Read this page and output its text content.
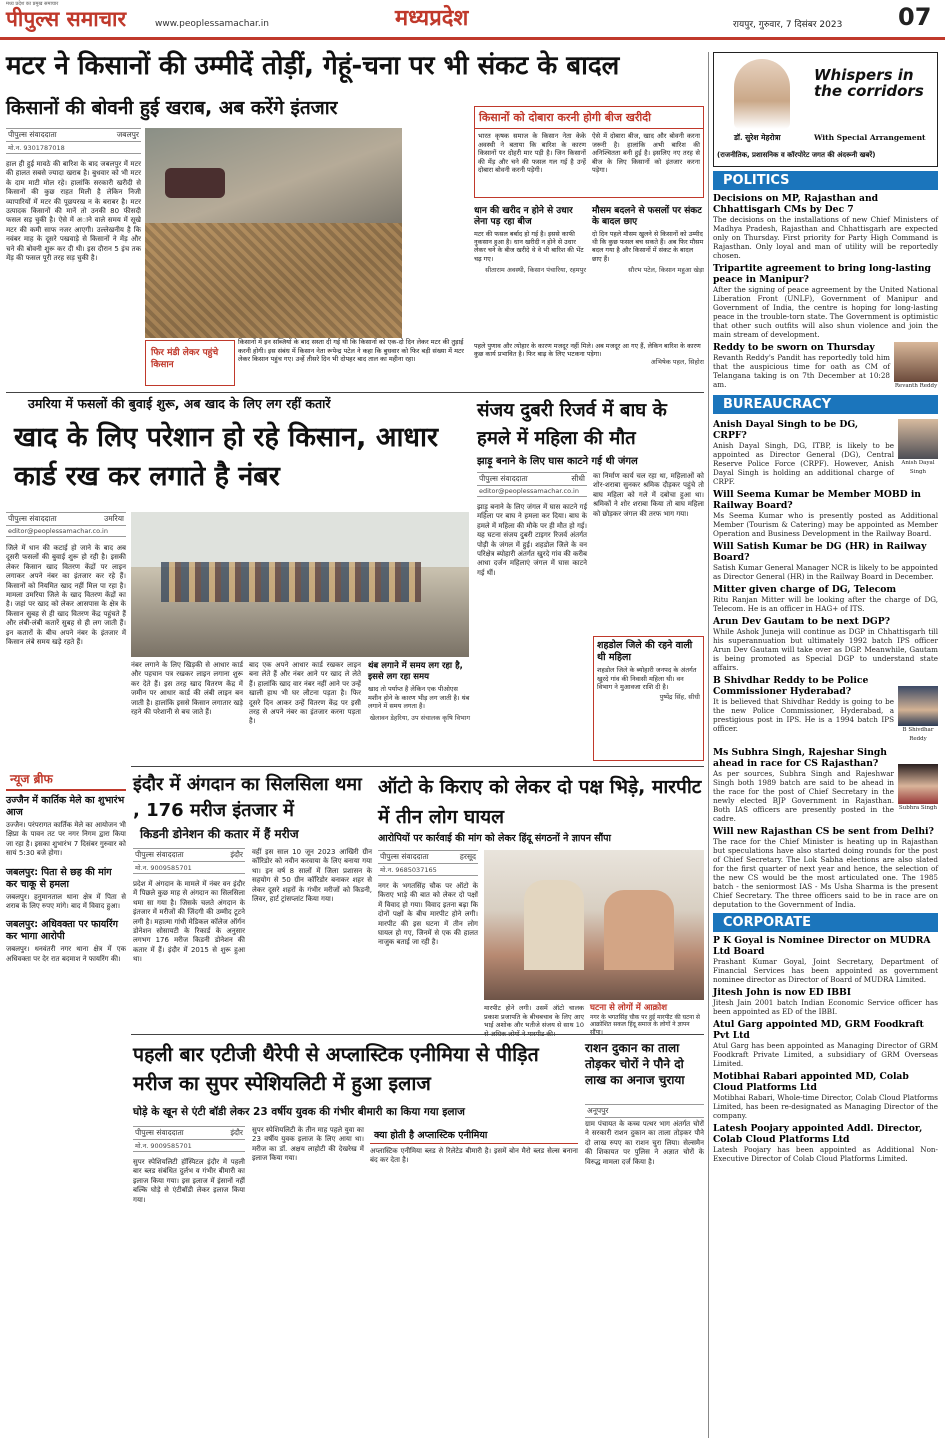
मध्य प्रदेश का प्रमुख समाचार
पीपुल्स समाचार	www.peoplessamachar.in	मध्यप्रदेश	रायपुर, गुरुवार, 7 दिसंबर 2023 07
मटर ने किसानों की उम्मीदें तोड़ीं, गेहूं-चना पर भी संकट के बादल
किसानों की बोवनी हुई खराब, अब करेंगे इंतजार
पीपुल्स संवाददाता	जबलपुर
मो.न. 9301787018
हाल ही हुई मावठे की बारिश के बाद जबलपुर में मटर की हालत सबसे ज्यादा खराब है। बुधवार को भी मटर के दाम माटी मोल रहे। हालांकि सरकारी खरीदी से किसानों की कुछ राहत मिली है लेकिन निजी व्यापारियों में मटर की पूछपरख न के बराबर है। मटर उत्पादक किसानों की मानें तो उनकी 80 फीसदी फसल सड़ चुकी है। ऐसे में अाने वाले समय में सूखे मटर की कमी साफ नजर आएगी। उल्लेखनीय है कि नवंबर माह के दूसरे पखवाड़े से किसानों ने मेंड़ और चने की बोवनी शुरू कर दी थी। इस दौरान 5 इंच तक मेंड़ की फसल पूरी तरह सड़ चुकी है।
फिर मंडी लेकर पहुंचे किसान
किसानों में इन सब्जियों के बाद सस्ता दी गई थी कि किसानों को एक-दो दिन लेकर मटर की तुड़ाई करनी होगी। इस संबंध में किसान नेता रूपेन्द्र पटेल ने कहा कि बुधवार को फिर बड़ी संख्या में मटर लेकर किसान पहुंच गए। उन्हें तीसरे दिन भी दोपहर बाद ताल का महीना रहा।
किसानों को दोबारा करनी होगी बीज खरीदी
भारत कृषक समाज के किसान नेता केके अवस्थी ने बताया कि बारिश के कारण किसानों पर दोहरी मार पड़ी है। जिन किसानों की मेंड़ और चने की फसल गल गई है उन्हें दोबारा बोवनी करनी पड़ेगी।
ऐसे में दोबारा बीज, खाद और बोवनी करना जरूरी है। हालांकि अभी बारिश की अनिश्चितता बनी हुई है। इसलिए नए तरह से बीज के लिए किसानों को इंतजार करना पड़ेगा।
धान की खरीद न होने से उधार लेना पड़ रहा बीज
मटर की फसल बर्बाद हो गई है। इससे काफी नुकसान हुआ है। धान खरीदी न होने से उधार लेकर चने के बीज खरीदे थे वे भी बारिश की भेंट चढ़ गए।
सीताराम अवस्थी, किसान पंचारिया, रहमपुर
मौसम बदलने से फसलों पर संकट के बादल छाए
दो दिन पहले मौसम खुलने से किसानों को उम्मीद थी कि कुछ फसल बच सकते हैं। अब फिर मौसम बदल गया है और किसानों में संकट के बादल छाए हैं।
सौरभ पटेल, किसान महुआ खेड़ा
पहले पुणाव और त्योहार के कारण मजदूर नहीं मिले। अब मजदूर आ गए हैं, लेकिन बारिश के कारण कुछ कार्य प्रभावित है। फिर बाढ़ के लिए भटकना पड़ेगा।
अभिषेक पहल, सिहोरा
उमरिया में फसलों की बुवाई शुरू, अब खाद के लिए लग रहीं कतारें
खाद के लिए परेशान हो रहे किसान, आधार कार्ड रख कर लगाते है नंबर
पीपुल्स संवाददाता	उमरिया
editor@peoplessamachar.co.in
जिले में धान की कटाई हो जाने के बाद अब दूसरी फसलों की बुवाई शुरू हो रही है। इसकी लेकर किसान खाद वितरण केंद्रों पर लाइन लगाकर अपने नंबर का इंतजार कर रहे हैं। किसानों को नियमित खाद नहीं मिल पा रहा है। मामला उमरिया जिले के खाद वितरण केंद्रों का है। जहां पर खाद को लेकर आसपास के क्षेत्र के किसान सुबह से ही खाद वितरण केंद्र पहुंचते हैं और लंबी-लंबी कतारें सुबह से ही लग जाती हैं। इन कतारों के बीच अपने नंबर के इंतजार में किसान लंबे समय खड़े रहते हैं।
नंबर लगाने के लिए खिड़की से आधार कार्ड और पहचान पत्र रखकर लाइन लगाना शुरू कर देते हैं। इस तरह खाद वितरण केंद्र में जमीन पर आधार कार्ड की लंबी लाइन बन जाती है। हालांकि इससे किसान लगातार खड़े रहने की परेशानी से बच जाते हैं।
बाद एक अपने आधार कार्ड रखकर लाइन बना लेते हैं और नंबर आने पर खाद ले लेते हैं। हालांकि खाद वार नंबर नहीं आने पर उन्हें खाली हाथ भी घर लौटना पड़ता है। फिर दूसरे दिन आकर उन्हें वितरण केंद्र पर इसी तरह से अपने नंबर का इंतजार करना पड़ता है।
थंब लगाने में समय लग रहा है, इससे लग रहा समय
खाद तो पर्याप्त है लेकिन एक पीओएस मशीन होने के कारण भीड़ लग जाती है। थंब लगाने में समय लगता है।
खेलावन डेहरिया, उप संचालक कृषि विभाग
संजय दुबरी रिजर्व में बाघ के हमले में महिला की मौत
झाड़ू बनाने के लिए घास काटने गई थी जंगल
पीपुल्स संवाददाता	सीधी
editor@peoplessamachar.co.in
झाड़ू बनाने के लिए जंगल में घास काटने गई महिला पर बाघ ने हमला कर दिया। बाघ के हमले में महिला की मौके पर ही मौत हो गई। यह घटना संजय दुबरी टाइगर रिजर्व अंतर्गत पोड़ी के जंगल में हुई। शहडोल जिले के वन परिक्षेत्र ब्योहारी अंतर्गत खुरदे गांव की करीब आधा दर्जन महिलाएं जंगल में घास काटने गई थीं।
का निर्माण कार्य चल रहा था, महिलाओं को शोर-शराबा सुनकर श्रमिक दौड़कर पहुंचे तो बाघ महिला को गले में दबोचा हुआ था। श्रमिकों ने शोर शराबा किया तो बाघ महिला को छोड़कर जंगल की तरफ भाग गया।
शहडोल जिले की रहने वाली थी महिला
शहडोल जिले के ब्योहारी जनपद के अंतर्गत खुरदे गांव की निवासी महिला थी। वन विभाग ने मुआवजा राशि दी है।
पुष्पेंद्र सिंह, सीधी
न्यूज ब्रीफ
उज्जैन में कार्तिक मेले का शुभारंभ आज
उज्जैन। परंपरागत कार्तिक मेले का आयोजन भी क्षिप्रा के पावन तट पर नगर निगम द्वारा किया जा रहा है। इसका शुभारंभ 7 दिसंबर गुरुवार को सायं 5:30 बजे होगा।
जबलपुर: पिता से छह की मांग कर चाकू से हमला
जबलपुर। हनुमानताल थाना क्षेत्र में पिता से शराब के लिए रुपए मांगे। बाद में विवाद हुआ।
जबलपुर: अधिवक्ता पर फायरिंग कर भागा आरोपी
जबलपुर। धनवंतरी नगर थाना क्षेत्र में एक अधिवक्ता पर देर रात बदमाश ने फायरिंग की।
इंदौर में अंगदान का सिलसिला थमा , 176 मरीज इंतजार में
किडनी डोनेशन की कतार में हैं मरीज
पीपुल्स संवाददाता	इंदौर
मो.न. 9009585701
प्रदेश में अंगदान के मामले में नंबर वन इंदौर में पिछले कुछ माह से अंगदान का सिलसिला थमा सा गया है। जिसके चलते अंगदान के इंतजार में मरीजों की जिंदगी की उम्मीद टूटने लगी है। महात्मा गांधी मेडिकल कॉलेज ऑर्गन डोनेशन सोसायटी के रिकार्ड के अनुसार लगभग 176 मरीज किडनी डोनेशन की कतार में हैं। इंदौर में 2015 से शुरू हुआ था।
वहीं इस साल 10 जून 2023 आखिरी ग्रीन कॉरिडोर को नवीन करवाया के लिए बनाया गया था। इन वर्ष 8 सालों में जिला प्रशासन के सहयोग से 50 ग्रीन कॉरिडोर बनाकर शहर से लेकर दूसरे शहरों के गंभीर मरीजों को किडनी, लिवर, हार्ट ट्रांसप्लांट किया गया।
ऑटो के किराए को लेकर दो पक्ष भिड़े, मारपीट में तीन लोग घायल
आरोपियों पर कार्रवाई की मांग को लेकर हिंदू संगठनों ने ज्ञापन सौंपा
पीपुल्स संवाददाता	हरसूद
मो.न. 9685037165
नगर के भगतसिंह चौक पर ऑटो के किराए भाड़े की बात को लेकर दो पक्षों में विवाद हो गया। विवाद इतना बढ़ा कि दोनों पक्षों के बीच मारपीट होने लगी। मारपीट की इस घटना में तीन लोग घायल हो गए, जिनमें से एक की हालत नाजुक बताई जा रही है।
मारपीट होने लगी। उसमें ऑटो चालक प्रकाश प्रजापति के बीचबचाव के लिए आए भाई अशोक और भतीजे संजय से साथ 10 से अधिक लोगों ने मारपीट की।
घटना से लोगों में आक्रोश
नगर के भगतसिंह चौक पर हुई मारपीट की घटना से आक्रोशित सकल हिंदू समाज के लोगों ने ज्ञापन सौंपा।
पहली बार एटीजी थैरेपी से अप्लास्टिक एनीमिया से पीड़ित मरीज का सुपर स्पेशियलिटी में हुआ इलाज
घोड़े के खून से एंटी बॉडी लेकर 23 वर्षीय युवक की गंभीर बीमारी का किया गया इलाज
पीपुल्स संवाददाता	इंदौर
मो.न. 9009585701
सुपर स्पेशियलिटी हॉस्पिटल इंदौर में पहली बार ब्लड संबंधित दुर्लभ व गंभीर बीमारी का इलाज किया गया। इस इलाज में इंसानों नहीं बल्कि घोड़े से एंटीबॉडी लेकर इलाज किया गया।
सुपर स्पेशियलिटी के तीन माह पहले युवा का 23 वर्षीय युवक इलाज के लिए आया था। मरीज का डॉ. अक्षय लाहोटी की देखरेख में इलाज किया गया।
क्या होती है अप्लास्टिक एनीमिया
अप्लास्टिक एनीमिया ब्लड से रिलेटेड बीमारी है। इसमें बोन मैरो ब्लड सेल्स बनाना बंद कर देता है।
राशन दुकान का ताला तोड़कर चोरों ने पौने दो लाख का अनाज चुराया
अनूपपुर
ग्राम पंचायत के कच्च पत्थर भाग अंतर्गत चोरों ने सरकारी राशन दुकान का ताला तोड़कर पौने दो लाख रुपए का राशन चुरा लिया। सेल्समैन की शिकायत पर पुलिस ने अज्ञात चोरों के विरुद्ध मामला दर्ज किया है।
Whispers in the corridors
डॉ. सुरेश मेहरोत्रा	With Special Arrangement
(राजनीतिक, प्रशासनिक व कॉरपोरेट जगत की अंदरूनी खबरें)
POLITICS
Decisions on MP, Rajasthan and Chhattisgarh CMs by Dec 7
The decisions on the installations of new Chief Ministers of Madhya Pradesh, Rajasthan and Chhattisgarh are expected only on Thursday. First priority for Party High Command is Rajasthan. Only loyal and man of utility will be reportedly chosen.
Tripartite agreement to bring long-lasting peace in Manipur?
After the signing of peace agreement by the United National Liberation Front (UNLF), Government of Manipur and Government of India, the centre is hoping for long-lasting peace in the trouble-torn state. The Government is optimistic that other such outfits will also shun violence and join the main stream of development.
Reddy to be sworn on Thursday
Revanth Reddy's Pandit has reportedly told him that the auspicious time for oath as CM of Telangana taking is on 7th December at 10:28 am.	Revanth Reddy
BUREAUCRACY
Anish Dayal Singh to be DG, CRPF?
Anish Dayal Singh, DG, ITBP, is likely to be appointed as Director General (DG), Central Reserve Police Force (CRPF). However, Anish Dayal Singh is holding an additional charge of CRPF.
Anish Dayal Singh
Will Seema Kumar be Member MOBD in Railway Board?
Ms Seema Kumar who is presently posted as Additional Member (Tourism & Catering) may be appointed as Member Operation and Business Development in the Railway Board.
Will Satish Kumar be DG (HR) in Railway Board?
Satish Kumar General Manager NCR is likely to be appointed as Director General (HR) in the Railway Board in December.
Mitter given charge of DG, Telecom
Ritu Ranjan Mitter will be looking after the charge of DG, Telecom. He is an officer in HAG+ of ITS.
Arun Dev Gautam to be next DGP?
While Ashok Juneja will continue as DGP in Chhattisgarh till his superannuation but ultimately 1992 batch IPS officer Arun Dev Gautam will take over as DGP. Meanwhile, Gautam is being promoted as Special DGP to understand state affairs.
B Shivdhar Reddy to be Police Commissioner Hyderabad?
It is believed that Shivdhar Reddy is going to be the new Police Commissioner, Hyderabad, a prestigious post in IPS. He is a 1994 batch IPS officer.	B Shivdhar Reddy
Ms Subhra Singh, Rajeshar Singh ahead in race for CS Rajasthan?
As per sources, Subhra Singh and Rajeshwar Singh both 1989 batch are said to be ahead in the race for the post of Chief Secretary in the newly elected BJP Government in Rajasthan. Both IAS officers are presently posted in the cadre.
Subhra Singh
Will new Rajasthan CS be sent from Delhi?
The race for the Chief Minister is heating up in Rajasthan but speculations have also started doing rounds for the post of Chief Secretary. The Lok Sabha elections are also slated for the first quarter of next year and hence, the selection of the new CS would be the most articulated one. The 1985 batch - the seniormost IAS - Ms Usha Sharma is the present Chief Secretary. The three officers said to be in race are on deputation to the Government of India.
CORPORATE
P K Goyal is Nominee Director on MUDRA Ltd Board
Prashant Kumar Goyal, Joint Secretary, Department of Financial Services has been appointed as government nominee director as Director of Board of MUDRA Limited.
Jitesh John is now ED IBBI
Jitesh Jain 2001 batch Indian Economic Service officer has been appointed as ED of the IBBI.
Atul Garg appointed MD, GRM Foodkraft Pvt Ltd
Atul Garg has been appointed as Managing Director of GRM Foodkraft Private Limited, a subsidiary of GRM Overseas Limited.
Motibhai Rabari appointed MD, Colab Cloud Platforms Ltd
Motibhai Rabari, Whole-time Director, Colab Cloud Platforms Limited, has been re-designated as Managing Director of the company.
Latesh Poojary appointed Addl. Director, Colab Cloud Platforms Ltd
Latesh Poojary has been appointed as Additional Non-Executive Director of Colab Cloud Platforms Limited.
